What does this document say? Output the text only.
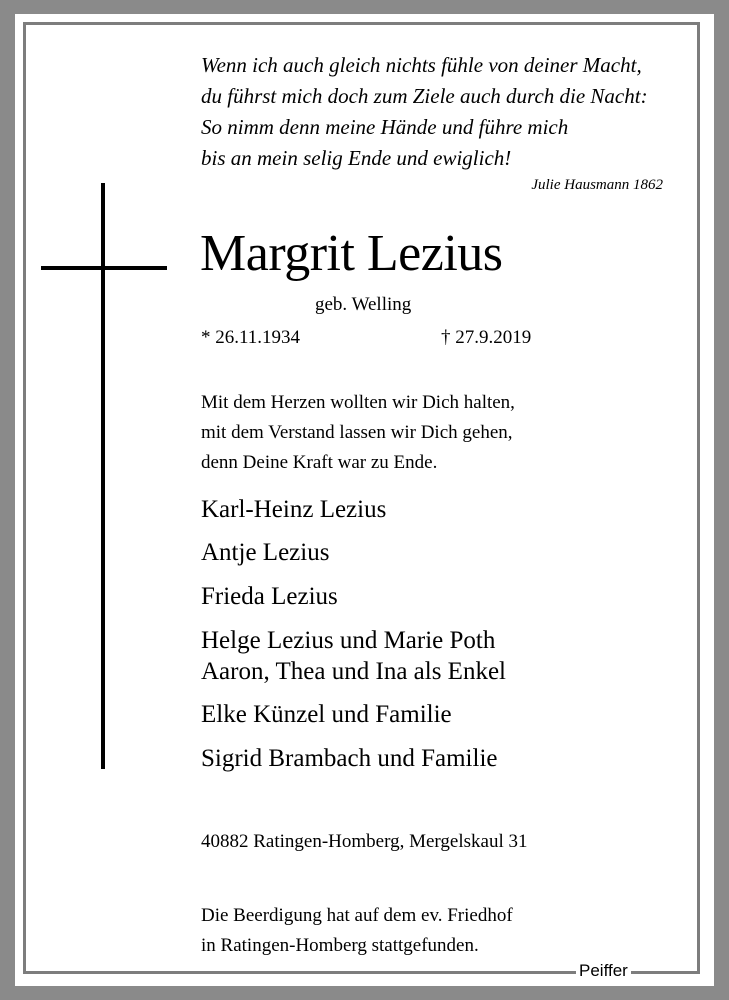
Wenn ich auch gleich nichts fühle von deiner Macht,
du führst mich doch zum Ziele auch durch die Nacht:
So nimm denn meine Hände und führe mich
bis an mein selig Ende und ewiglich!
Julie Hausmann 1862
Margrit Lezius
geb. Welling
* 26.11.1934	† 27.9.2019
Mit dem Herzen wollten wir Dich halten,
mit dem Verstand lassen wir Dich gehen,
denn Deine Kraft war zu Ende.
Karl-Heinz Lezius
Antje Lezius
Frieda Lezius
Helge Lezius und Marie Poth
Aaron, Thea und Ina als Enkel
Elke Künzel und Familie
Sigrid Brambach und Familie
40882 Ratingen-Homberg, Mergelskaul 31
Die Beerdigung hat auf dem ev. Friedhof
in Ratingen-Homberg stattgefunden.
Peiffer
